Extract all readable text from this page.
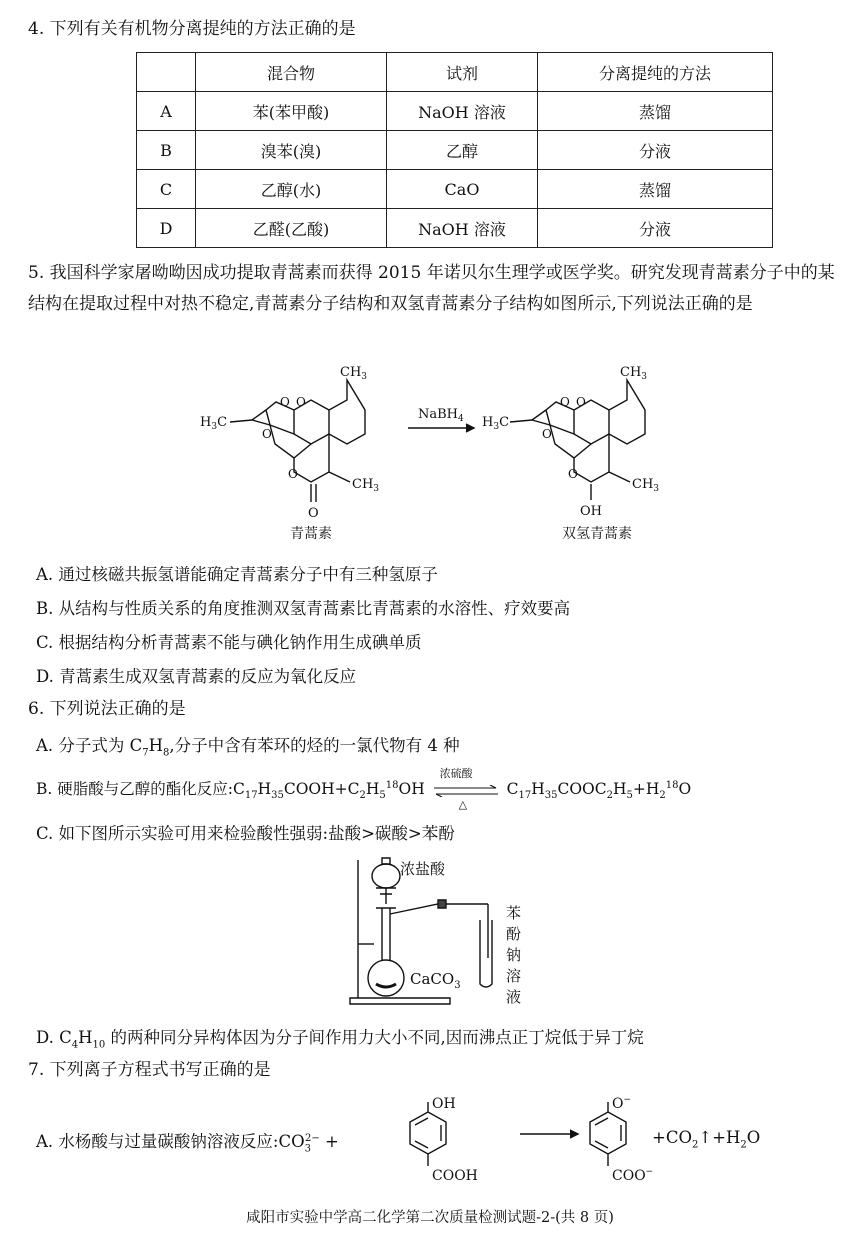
4. 下列有关有机物分离提纯的方法正确的是
	混合物	试剂	分离提纯的方法
A	苯(苯甲酸)	NaOH 溶液	蒸馏
B	溴苯(溴)	乙醇	分液
C	乙醇(水)	CaO	蒸馏
D	乙醛(乙酸)	NaOH 溶液	分液
5. 我国科学家屠呦呦因成功提取青蒿素而获得 2015 年诺贝尔生理学或医学奖。研究发现青蒿素分子中的某结构在提取过程中对热不稳定,青蒿素分子结构和双氢青蒿素分子结构如图所示,下列说法正确的是
$CH_3$
$H_3C$
O O
O
O
$CH_3$
O
青蒿素
NaBH$_4$
$CH_3$
$H_3C$
O O
O
O
$CH_3$
OH
双氢青蒿素
A. 通过核磁共振氢谱能确定青蒿素分子中有三种氢原子
B. 从结构与性质关系的角度推测双氢青蒿素比青蒿素的水溶性、疗效要高
C. 根据结构分析青蒿素不能与碘化钠作用生成碘单质
D. 青蒿素生成双氢青蒿素的反应为氧化反应
6. 下列说法正确的是
A. 分子式为 $C_7H_8$,分子中含有苯环的烃的一氯代物有 4 种
B. 硬脂酸与乙醇的酯化反应$:C_{17}H_{35}COOH+C_2H_5^{18}OH$
浓硫酸
△
$C_{17}H_{35}COOC_2H_5+H_2^{18}O$
C. 如下图所示实验可用来检验酸性强弱:盐酸>碳酸>苯酚
浓盐酸
CaCO$_3$
苯
酚
钠
溶
液
D. $C_4H_{10}$ 的两种同分异构体因为分子间作用力大小不同,因而沸点正丁烷低于异丁烷
7. 下列离子方程式书写正确的是
A. 水杨酸与过量碳酸钠溶液反应$:CO_3^{2-}$ +
OH
COOH
O−
COO−
$+CO_2↑+H_2O$
咸阳市实验中学高二化学第二次质量检测试题-2-(共 8 页)
